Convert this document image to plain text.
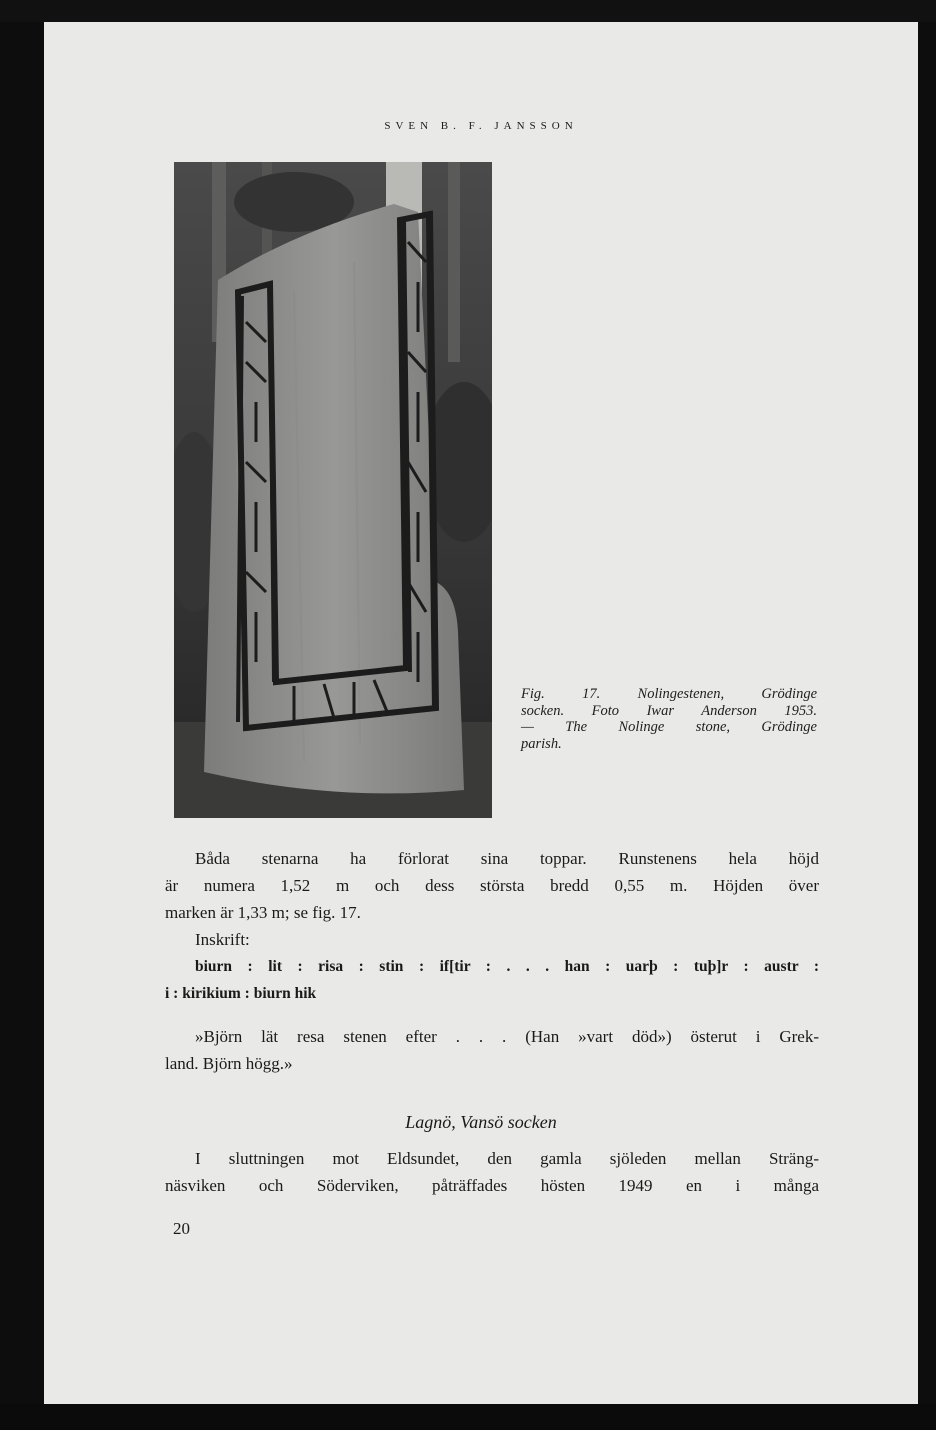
SVEN B. F. JANSSON
Fig. 17. Nolingestenen, Grödinge
socken. Foto Iwar Anderson 1953.
— The Nolinge stone, Grödinge
parish.
Båda stenarna ha förlorat sina toppar. Runstenens hela höjd
är numera 1,52 m och dess största bredd 0,55 m. Höjden över
marken är 1,33 m; se fig. 17.
Inskrift:
biurn : lit : risa : stin : if[tir : . . . han : uarþ : tuþ]r : austr :
i : kirikium : biurn hik
»Björn lät resa stenen efter . . . (Han »vart död») österut i Grek-
land. Björn högg.»
Lagnö, Vansö socken
I sluttningen mot Eldsundet, den gamla sjöleden mellan Sträng-
näsviken och Söderviken, påträffades hösten 1949 en i många
20
